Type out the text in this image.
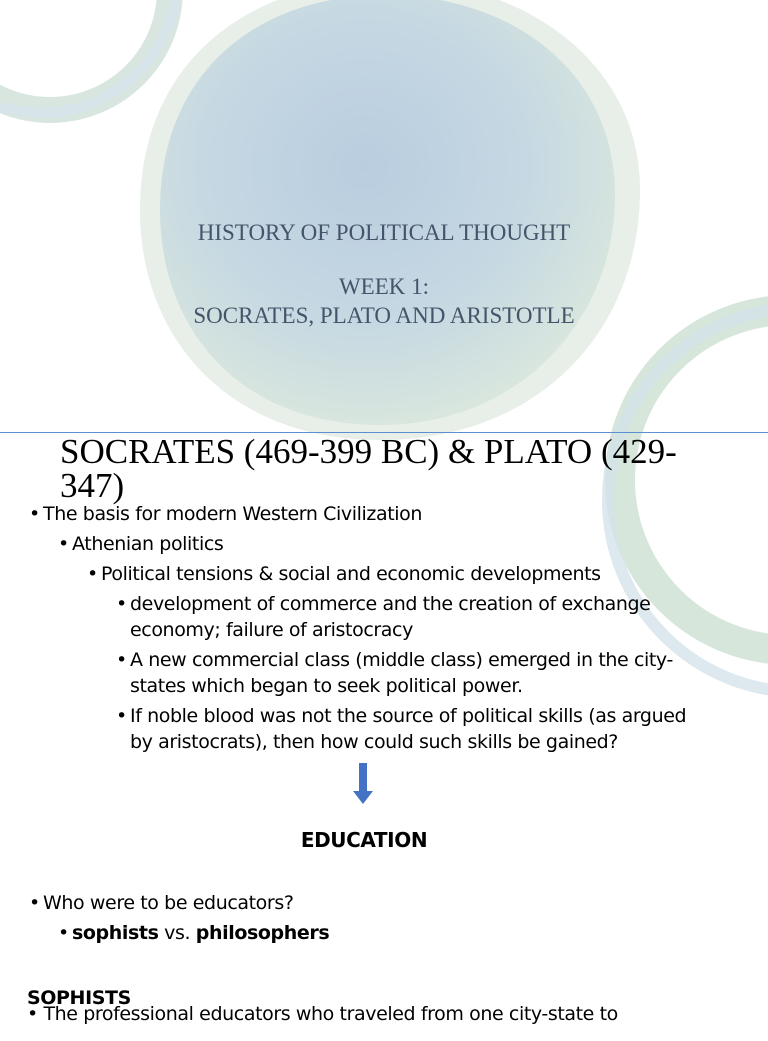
HISTORY OF POLITICAL THOUGHT
WEEK 1:
SOCRATES, PLATO AND ARISTOTLE
SOCRATES (469-399 BC) & PLATO (429-347)
• The basis for modern Western Civilization
• Athenian politics
• Political tensions & social and economic developments
• development of commerce and the creation of exchange
economy; failure of aristocracy
• A new commercial class (middle class) emerged in the city-
states which began to seek political power.
• If noble blood was not the source of political skills (as argued
by aristocrats), then how could such skills be gained?
EDUCATION
• Who were to be educators?
• sophists vs. philosophers
SOPHISTS
• The professional educators who traveled from one city-state to
